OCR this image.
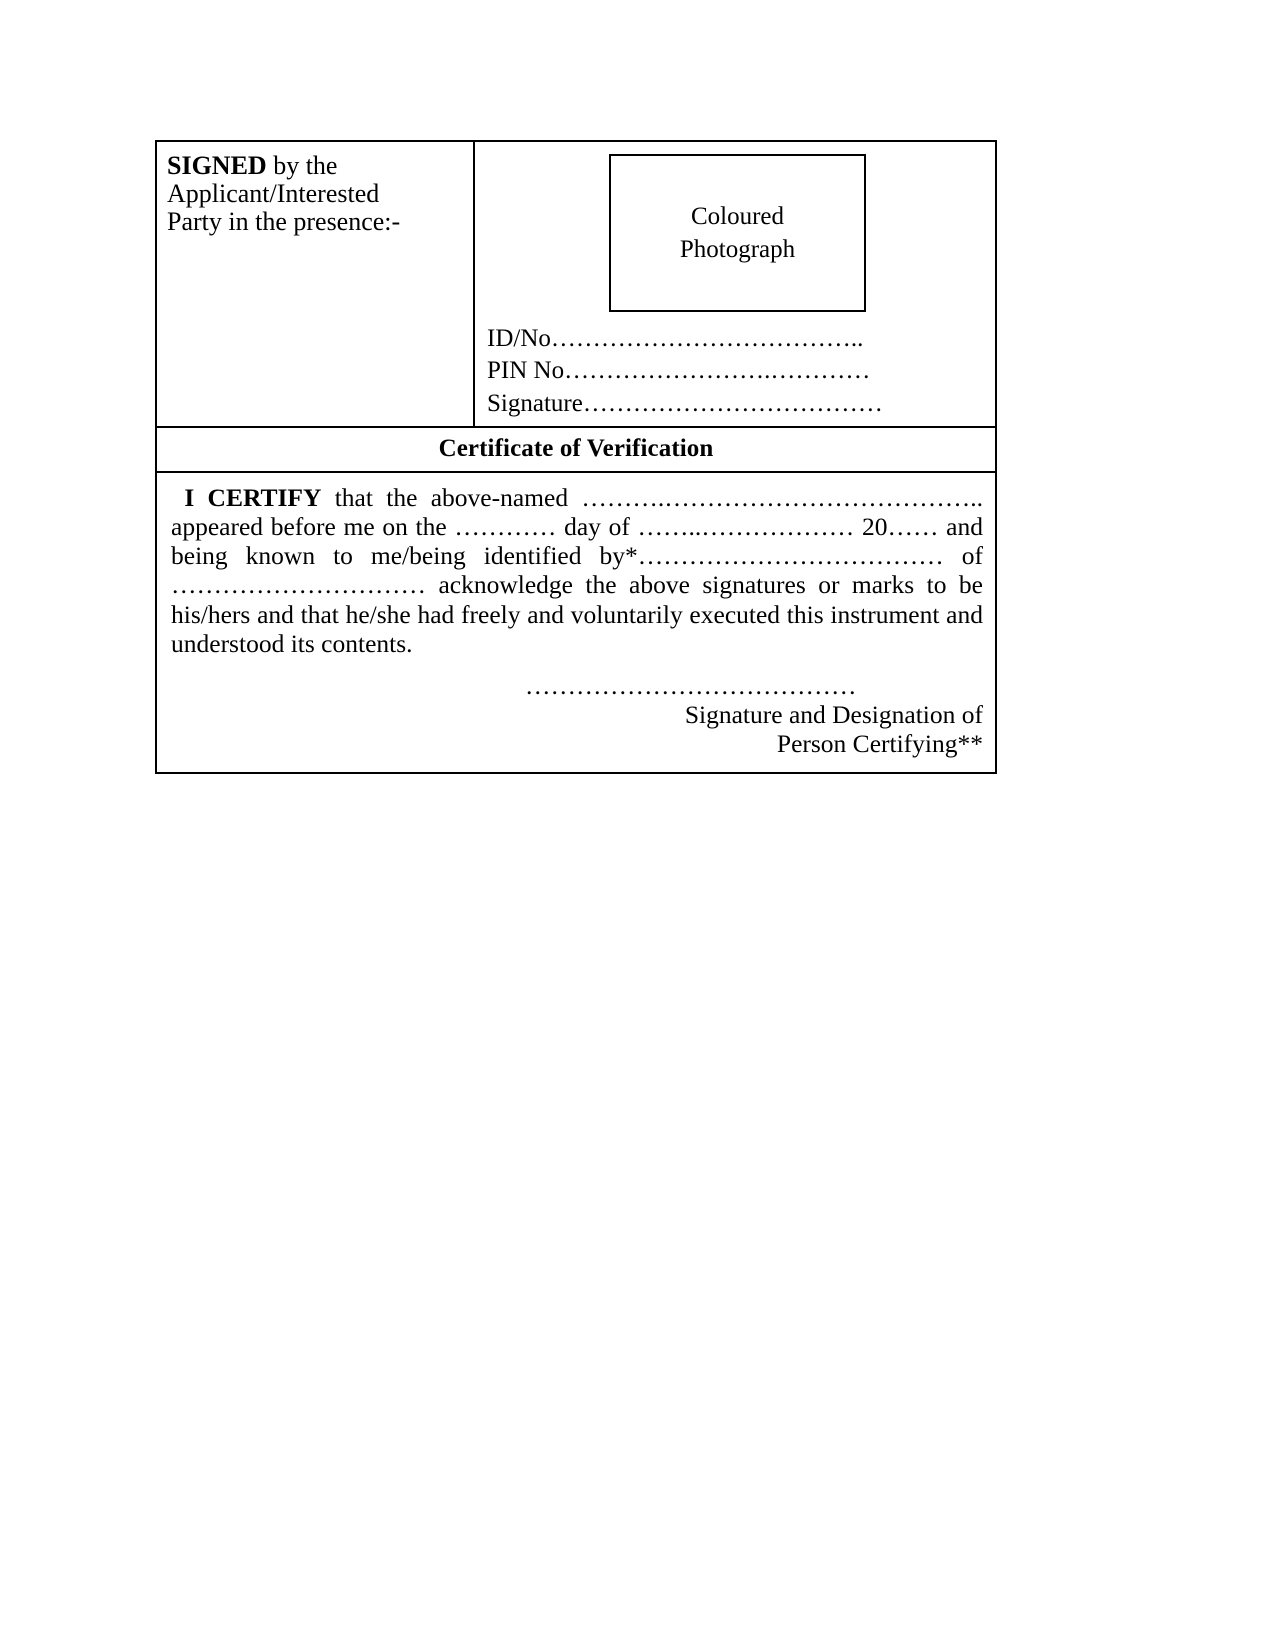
SIGNED by the
Applicant/Interested
Party in the presence:-	Coloured
Photograph
ID/No………………………………..
PIN No…………………….…………
Signature………………………………
Certificate of Verification

I CERTIFY that the above-named ……….……………………………….. appeared before me on the ………… day of ……..……………… 20…… and being known to me/being identified by*……………………………… of ………………………… acknowledge the above signatures or marks to be his/hers and that he/she had freely and voluntarily executed this instrument and understood its contents.

…………………………………
Signature and Designation of
Person Certifying**
